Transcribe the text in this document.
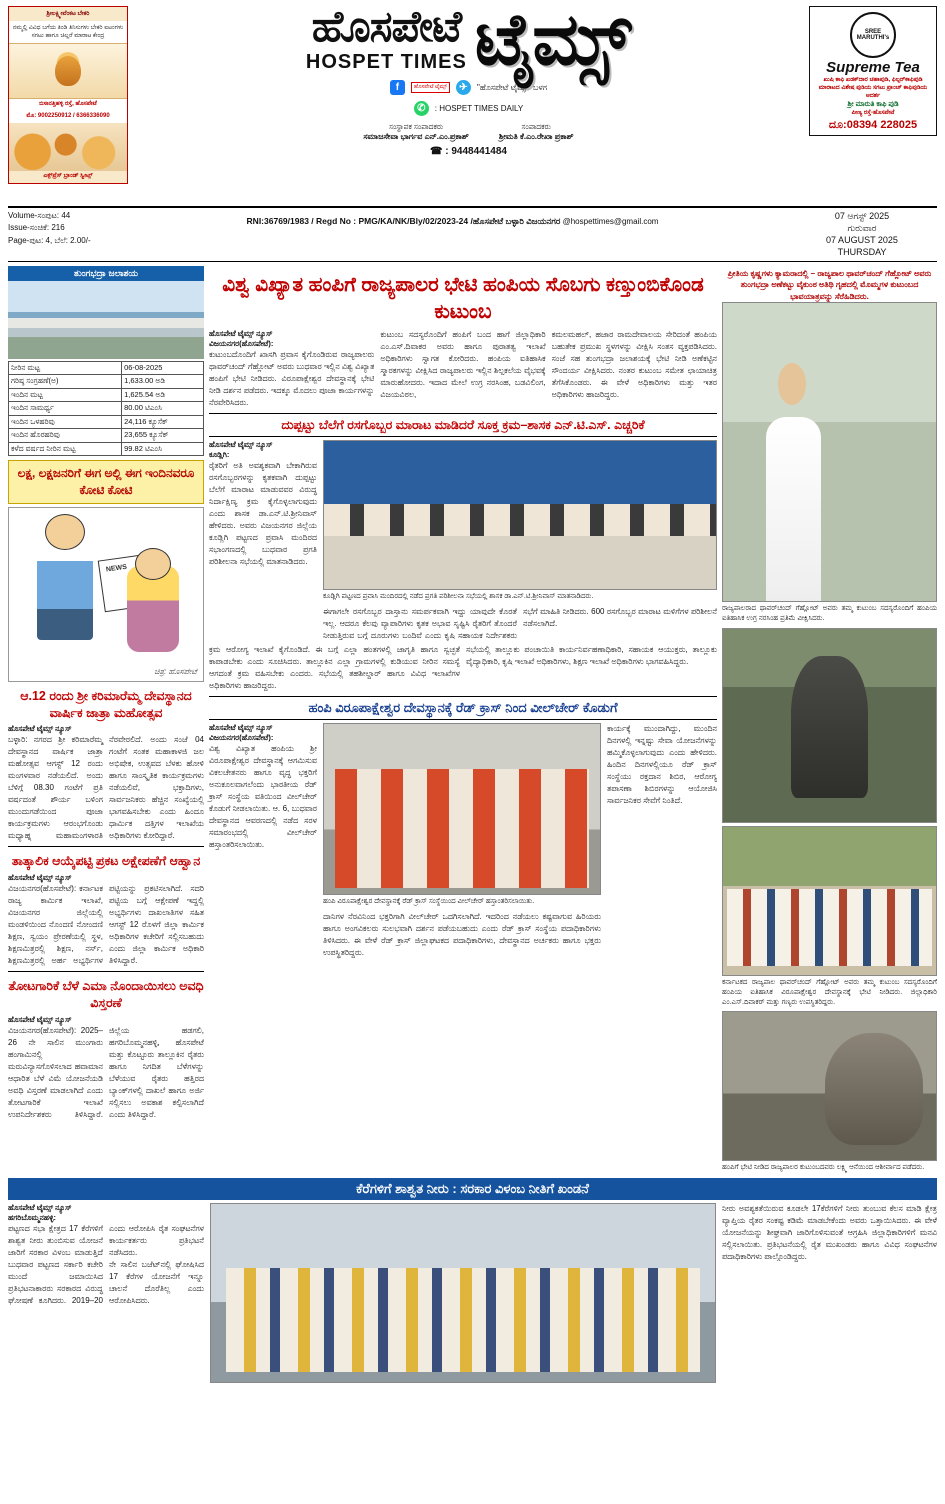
ಶ್ರೀಲಕ್ಷ್ಮೀವೆಂಕಟ ಬೇಕರಿ
ನಮ್ಮಲ್ಲಿ ವಿವಿಧ ಬಗೆಯ ತಿಂಡಿ ತಿನಿಸುಗಳು ಬೇಕರಿ ಐಟಂಗಳು ಸಗಟು ಹಾಗೂ ಚಿಲ್ಲರೆ ಮಾರಾಟ ಕೇಂದ್ರ
ಬಿಸಾನತ್ತಿಹಳ್ಳಿ ರಸ್ತೆ, ಹೊಸಪೇಟೆ
ಮೊ: 9002250912 / 6366336090
ಎಕ್ಸ್‌ಪ್ರೆಸ್ ಬ್ರಾಂಡ್ ಸ್ವೀಟ್ಸ್
ಹೊಸಪೇಟೆ
HOSPET TIMES ಟೈಮ್ಸ್
f	ಹೊಸಪೇಟೆ ಟೈಮ್ಸ್	✈	"ಹೊಸಪೇಟೆ ಟೈಮ್ಸ್" ಬಳಗ
✆	: HOSPET TIMES DAILY
ಸಂಸ್ಥಾಪಕ ಸಂಪಾದಕರು
ಸಮಾಜಸೇವಾ ಭಾರ್ಗವ ಎನ್.ಎಂ.ಪ್ರಕಾಶ್
ಸಂಪಾದಕರು
ಶ್ರೀಮತಿ ಕೆ.ಎಂ.ರೇಖಾ ಪ್ರಕಾಶ್
☎ : 9448441484
SREE MARUTHI's
Supreme Tea
ಖುಷಿ ಕಾಫಿ ಖಡಕ್‌ದಾರ ಚಹಾಪುಡಿ, ಫಿಲ್ಟರ್‌ಕಾಫಿಪುಡಿ ಮಾರಾಟದ ವಿಶೇಷ ಪುಡಿಯ ಸಗಟು ಪ್ರಾಂಚ್ ಕಾಫಿಪುಡಿಯ ಆದರ್ಶ
ಶ್ರೀ ಮಾರುತಿ ಕಾಫಿ ಪುಡಿ
ಪೀಣ್ಯ ರಸ್ತೆ-ಹೊಸಪೇಟೆ
ದೂ:08394 228025
Volume-ಸಂಪುಟ: 44
Issue-ಸಂಚಿಕೆ: 216
Page-ಪುಟ: 4, ಬೆಲೆ: 2.00/-
RNI:36769/1983 / Regd No : PMG/KA/NK/Bly/02/2023-24 /ಹೊಸಪೇಟೆ ಬಳ್ಳಾರಿ ವಿಜಯನಗರ @hospettimes@gmail.com
07 ಆಗಸ್ಟ್ 2025
ಗುರುವಾರ
07 AUGUST 2025
THURSDAY
ತುಂಗಭದ್ರಾ ಜಲಾಶಯ
ನೀರಿನ ಮಟ್ಟ	06-08-2025
ಗರಿಷ್ಠ ಸಂಗ್ರಹಣೆ(ಅ)	1,633.00 ಅಡಿ
ಇಂದಿನ ಮಟ್ಟ	1,625.54 ಅಡಿ
ಇಂದಿನ ಸಾಮರ್ಥ್ಯ	80.00 ಟಿಎಂಸಿ
ಇಂದಿನ ಒಳಹರಿವು	24,116 ಕ್ಯೂಸೆಕ್
ಇಂದಿನ ಹೊರಹರಿವು	23,655 ಕ್ಯೂಸೆಕ್
ಕಳೆದ ವರ್ಷದ ನೀರಿನ ಮಟ್ಟ	99.82 ಟಿಎಂಸಿ
ಲಕ್ಷ, ಲಕ್ಷಜನರಿಗೆ ಈಗ ಅಲ್ಲಿ ಈಗ ಇಂದಿನವರೂ ಕೋಟಿ ಕೋಟಿ
NEWS
ಚಿತ್ರ: ಹೊಸಪೇಟೆ
ಆ.12 ರಂದು ಶ್ರೀ ಕರಿಮಾರೆಮ್ಮ ದೇವಸ್ಥಾನದ ವಾರ್ಷಿಕ ಜಾತ್ರಾ ಮಹೋತ್ಸವ
ಹೊಸಪೇಟೆ ಟೈಮ್ಸ್ ನ್ಯೂಸ್
ಬಳ್ಳಾರಿ: ನಗರದ ಶ್ರೀ ಕರಿಮಾರೆಮ್ಮ ದೇವಸ್ಥಾನದ ವಾರ್ಷಿಕ ಜಾತ್ರಾ ಮಹೋತ್ಸವ ಆಗಸ್ಟ್ 12 ರಂದು ಮಂಗಳವಾರ ನಡೆಯಲಿದೆ. ಅಂದು ಬೆಳಿಗ್ಗೆ 08.30 ಗಂಟೆಗೆ ಪ್ರತಿ ವರ್ಷದಂತೆ ಶೌರ್ಯ ಬಳಿಂಗ ಮುಂದುಗಡೆಯಿಂದ ಪೂಜಾ ಕಾರ್ಯಕ್ರಮಗಳು ಆರಂಭಗೊಂಡು ಮಧ್ಯಾಹ್ನ ಮಹಾಮಂಗಳಾರತಿ ನೆರವೇರಲಿದೆ. ಅಂದು ಸಂಜೆ 04 ಗಂಟೆಗೆ ಸಂತಕ ಮಹಾಕಾಳಜಿ ಜಲ ಅಭಿಷೇಕ, ಉತ್ಸವದ ಬೆಳಕು ಹೋಳಿ ಹಾಗೂ ಸಾಂಸ್ಕೃತಿಕ ಕಾರ್ಯಕ್ರಮಗಳು ನಡೆಯಲಿವೆ, ಭಕ್ತಾದಿಗಳು, ಸಾರ್ವಜನಿಕರು ಹೆಚ್ಚಿನ ಸಂಖ್ಯೆಯಲ್ಲಿ ಭಾಗವಹಿಸಬೇಕು ಎಂದು ಹಿಂದೂ ಧಾರ್ಮಿಕ ದತ್ತಿಗಳ ಇಲಾಖೆಯ ಅಧಿಕಾರಿಗಳು ಕೋರಿದ್ದಾರೆ.
ತಾತ್ಕಾಲಿಕ ಆಯ್ಕೆಪಟ್ಟಿ ಪ್ರಕಟ ಅಕ್ಷೇಪಣೆಗೆ ಆಹ್ವಾನ
ಹೊಸಪೇಟೆ ಟೈಮ್ಸ್ ನ್ಯೂಸ್
ವಿಜಯನಗರ(ಹೊಸಪೇಟೆ): ಕರ್ನಾಟಕ ರಾಜ್ಯ ಕಾರ್ಮಿಕ ಇಲಾಖೆ, ವಿಜಯನಗರ ಜಿಲ್ಲೆಯಲ್ಲಿ ಮಂಡಳಿಯಿಂದ ನೊಂದಣಿ ನೋಂದಣಿ ಶಿಕ್ಷಣ, ಸ್ವಯಂ ಪ್ರೇರಣೆಯಲ್ಲಿ ಸ್ಥಳ, ಶಿಕ್ಷಣಮಿತ್ರರಲ್ಲಿ ಶಿಕ್ಷಣ, ನರ್ಸ್, ಶಿಕ್ಷಣಮಿತ್ರರಲ್ಲಿ ಅರ್ಹ ಅಭ್ಯರ್ಥಿಗಳ ಪಟ್ಟಿಯನ್ನು ಪ್ರಕಟಿಸಲಾಗಿದೆ. ಸದರಿ ಪಟ್ಟಿಯ ಬಗ್ಗೆ ಆಕ್ಷೇಪಣೆ ಇದ್ದಲ್ಲಿ ಅಭ್ಯರ್ಥಿಗಳು ದಾಖಲಾತಿಗಳ ಸಹಿತ ಆಗಸ್ಟ್ 12 ರೊಳಗೆ ಜಿಲ್ಲಾ ಕಾರ್ಮಿಕ ಅಧಿಕಾರಿಗಳ ಕಚೇರಿಗೆ ಸಲ್ಲಿಸಬಹುದು ಎಂದು ಜಿಲ್ಲಾ ಕಾರ್ಮಿಕ ಅಧಿಕಾರಿ ತಿಳಿಸಿದ್ದಾರೆ.
ತೋಟಗಾರಿಕೆ ಬೆಳೆ ಎಮಾ ನೊಂದಾಯಿಸಲು ಅವಧಿ ವಿಸ್ತರಣೆ
ಹೊಸಪೇಟೆ ಟೈಮ್ಸ್ ನ್ಯೂಸ್
ವಿಜಯನಗರ(ಹೊಸಪೇಟೆ): 2025–26 ನೇ ಸಾಲಿನ ಮುಂಗಾರು ಹಂಗಾಮಿನಲ್ಲಿ ಮರುವಿನ್ಯಾಸಗೊಳಿಸಲಾದ ಹವಾಮಾನ ಆಧಾರಿತ ಬೆಳೆ ವಿಮೆ ಯೋಜನೆಯಡಿ ಅವಧಿ ವಿಸ್ತರಣೆ ಮಾಡಲಾಗಿದೆ ಎಂದು ತೋಟಗಾರಿಕೆ ಇಲಾಖೆ ಉಪನಿರ್ದೇಶಕರು ತಿಳಿಸಿದ್ದಾರೆ. ಜಿಲ್ಲೆಯ ಹಡಗಲಿ, ಹಗರಿಬೊಮ್ಮನಹಳ್ಳಿ, ಹೊಸಪೇಟೆ ಮತ್ತು ಕೊಟ್ಟೂರು ತಾಲ್ಲೂಕಿನ ರೈತರು ಹಾಗೂ ನಿಗದಿತ ಬೆಳೆಗಳನ್ನು ಬೆಳೆಯುವ ರೈತರು ಹತ್ತಿರದ ಬ್ಯಾಂಕ್‌ಗಳಲ್ಲಿ ದಾಖಲೆ ಹಾಗೂ ಅರ್ಜಿ ಸಲ್ಲಿಸಲು ಅವಕಾಶ ಕಲ್ಪಿಸಲಾಗಿದೆ ಎಂದು ತಿಳಿಸಿದ್ದಾರೆ.
ವಿಶ್ವ ವಿಖ್ಯಾತ ಹಂಪಿಗೆ ರಾಜ್ಯಪಾಲರ ಭೇಟಿ ಹಂಪಿಯ ಸೊಬಗು ಕಣ್ತುಂಬಿಕೊಂಡ ಕುಟುಂಬ
ಹೊಸಪೇಟೆ ಟೈಮ್ಸ್ ನ್ಯೂಸ್
ವಿಜಯನಗರ(ಹೊಸಪೇಟೆ):
ಕುಟುಂಬದೊಂದಿಗೆ ಖಾಸಗಿ ಪ್ರವಾಸ ಕೈಗೊಂಡಿರುವ ರಾಜ್ಯಪಾಲರು ಥಾವರ್‌ಚಂದ್ ಗೆಹ್ಲೋಟ್ ಅವರು ಬುಧವಾರ ಇಲ್ಲಿನ ವಿಶ್ವ ವಿಖ್ಯಾತ ಹಂಪಿಗೆ ಭೇಟಿ ನೀಡಿದರು. ವಿರೂಪಾಕ್ಷೇಶ್ವರ ದೇವಸ್ಥಾನಕ್ಕೆ ಭೇಟಿ ನೀಡಿ ದರ್ಶನ ಪಡೆದರು. ಇದಕ್ಕೂ ಮೊದಲು ಪೂಜಾ ಕಾರ್ಯಗಳನ್ನು ನೆರವೇರಿಸಿದರು.
ಕುಟುಂಬ ಸದಸ್ಯರೊಂದಿಗೆ ಹಂಪಿಗೆ ಬಂದ ಹಾಗೆ ಜಿಲ್ಲಾಧಿಕಾರಿ ಎಂ.ಎಸ್.ದಿವಾಕರ ಅವರು ಹಾಗೂ ಪುರಾತತ್ವ ಇಲಾಖೆ ಅಧಿಕಾರಿಗಳು ಸ್ವಾಗತ ಕೋರಿದರು. ಹಂಪಿಯ ಐತಿಹಾಸಿಕ ಸ್ಮಾರಕಗಳನ್ನು ವೀಕ್ಷಿಸಿದ ರಾಜ್ಯಪಾಲರು ಇಲ್ಲಿನ ಶಿಲ್ಪಕಲೆಯ ವೈಭವಕ್ಕೆ ಮಾರುಹೋದರು. ಇದಾದ ಮೇಲೆ ಉಗ್ರ ನರಸಿಂಹ, ಬಡವಿಲಿಂಗ, ವಿಜಯವಿಠಲ,
ಕಮಲಮಹಲ್, ಹಜಾರ ರಾಮದೇವಾಲಯ ಸೇರಿದಂತೆ ಹಂಪಿಯ ಬಹುತೇಕ ಪ್ರಮುಖ ಸ್ಥಳಗಳನ್ನು ವೀಕ್ಷಿಸಿ ಸಂತಸ ವ್ಯಕ್ತಪಡಿಸಿದರು. ಸಂಜೆ ಸಹ ತುಂಗಭದ್ರಾ ಜಲಾಶಯಕ್ಕೆ ಭೇಟಿ ನೀಡಿ ಅಣೆಕಟ್ಟಿನ ಸೌಂದರ್ಯ ವೀಕ್ಷಿಸಿದರು. ನಂತರ ಕುಟುಂಬ ಸಮೇತ ಛಾಯಾಚಿತ್ರ ತೆಗೆಸಿಕೊಂಡರು. ಈ ವೇಳೆ ಅಧಿಕಾರಿಗಳು ಮತ್ತು ಇತರ ಅಧಿಕಾರಿಗಳು ಹಾಜರಿದ್ದರು.
ದುಪ್ಪಟ್ಟು ಬೆಲೆಗೆ ರಸಗೊಬ್ಬರ ಮಾರಾಟ ಮಾಡಿದರೆ ಸೂಕ್ತ ಕ್ರಮ–ಶಾಸಕ ಎನ್.ಟಿ.ಎಸ್. ಎಚ್ಚರಿಕೆ
ಹೊಸಪೇಟೆ ಟೈಮ್ಸ್ ನ್ಯೂಸ್
ಕೂಡ್ಲಿಗಿ:
ರೈತರಿಗೆ ಅತಿ ಅವಶ್ಯಕವಾಗಿ ಬೇಕಾಗಿರುವ ರಸಗೊಬ್ಬರಗಳನ್ನು ಕೃತಕವಾಗಿ ದುಪ್ಪಟ್ಟು ಬೆಲೆಗೆ ಮಾರಾಟ ಮಾಡುವವರ ವಿರುದ್ಧ ನಿರ್ದಾಕ್ಷಿಣ್ಯ ಕ್ರಮ ಕೈಗೊಳ್ಳಲಾಗುವುದು ಎಂದು ಶಾಸಕ ಡಾ.ಎನ್.ಟಿ.ಶ್ರೀನಿವಾಸ್ ಹೇಳಿದರು. ಅವರು ವಿಜಯನಗರ ಜಿಲ್ಲೆಯ ಕೂಡ್ಲಿಗಿ ಪಟ್ಟಣದ ಪ್ರವಾಸಿ ಮಂದಿರದ ಸಭಾಂಗಣದಲ್ಲಿ ಬುಧವಾರ ಪ್ರಗತಿ ಪರಿಶೀಲನಾ ಸಭೆಯಲ್ಲಿ ಮಾತನಾಡಿದರು.
ಕೂಡ್ಲಿಗಿ ಪಟ್ಟಣದ ಪ್ರವಾಸಿ ಮಂದಿರದಲ್ಲಿ ನಡೆದ ಪ್ರಗತಿ ಪರಿಶೀಲನಾ ಸಭೆಯಲ್ಲಿ ಶಾಸಕ ಡಾ.ಎನ್.ಟಿ.ಶ್ರೀನಿವಾಸ್ ಮಾತನಾಡಿದರು.
ಈಗಾಗಲೇ ರಸಗೊಬ್ಬರ ದಾಸ್ತಾನು ಸಮರ್ಪಕವಾಗಿ ಇದ್ದು ಯಾವುದೇ ಕೊರತೆ ಇಲ್ಲ. ಆದರೂ ಕೆಲವು ವ್ಯಾಪಾರಿಗಳು ಕೃತಕ ಅಭಾವ ಸೃಷ್ಟಿಸಿ ರೈತರಿಗೆ ತೊಂದರೆ ನೀಡುತ್ತಿರುವ ಬಗ್ಗೆ ದೂರುಗಳು ಬಂದಿವೆ ಎಂದು ಕೃಷಿ ಸಹಾಯಕ ನಿರ್ದೇಶಕರು ಸಭೆಗೆ ಮಾಹಿತಿ ನೀಡಿದರು. 600 ರಸಗೊಬ್ಬರ ಮಾರಾಟ ಮಳಿಗೆಗಳ ಪರಿಶೀಲನೆ ನಡೆಸಲಾಗಿದೆ.
ಕ್ರಮ ಆರೋಗ್ಯ ಇಲಾಖೆ ಕೈಗೊಂಡಿದೆ. ಈ ಬಗ್ಗೆ ಎಲ್ಲಾ ಹಂತಗಳಲ್ಲಿ ಜಾಗೃತಿ ಹಾಗೂ ಸ್ವಚ್ಛತೆ ಕಾಪಾಡಬೇಕು ಎಂದು ಸೂಚಿಸಿದರು. ತಾಲ್ಲೂಕಿನ ಎಲ್ಲಾ ಗ್ರಾಮಗಳಲ್ಲಿ ಕುಡಿಯುವ ನೀರಿನ ಸಮಸ್ಯೆ ಆಗದಂತೆ ಕ್ರಮ ವಹಿಸಬೇಕು ಎಂದರು. ಸಭೆಯಲ್ಲಿ ತಹಶೀಲ್ದಾರ್ ಹಾಗೂ ವಿವಿಧ ಇಲಾಖೆಗಳ ಅಧಿಕಾರಿಗಳು ಹಾಜರಿದ್ದರು.
ಸಭೆಯಲ್ಲಿ ತಾಲ್ಲೂಕು ಪಂಚಾಯಿತಿ ಕಾರ್ಯನಿರ್ವಹಣಾಧಿಕಾರಿ, ಸಹಾಯಕ ಆಯುಕ್ತರು, ತಾಲ್ಲೂಕು ವೈದ್ಯಾಧಿಕಾರಿ, ಕೃಷಿ ಇಲಾಖೆ ಅಧಿಕಾರಿಗಳು, ಶಿಕ್ಷಣ ಇಲಾಖೆ ಅಧಿಕಾರಿಗಳು ಭಾಗವಹಿಸಿದ್ದರು.
ಹಂಪಿ ವಿರೂಪಾಕ್ಷೇಶ್ವರ ದೇವಸ್ಥಾನಕ್ಕೆ ರೆಡ್ ಕ್ರಾಸ್ ನಿಂದ ವೀಲ್‌ಚೇರ್ ಕೊಡುಗೆ
ಹೊಸಪೇಟೆ ಟೈಮ್ಸ್ ನ್ಯೂಸ್
ವಿಜಯನಗರ(ಹೊಸಪೇಟೆ):
ವಿಶ್ವ ವಿಖ್ಯಾತ ಹಂಪಿಯ ಶ್ರೀ ವಿರೂಪಾಕ್ಷೇಶ್ವರ ದೇವಸ್ಥಾನಕ್ಕೆ ಆಗಮಿಸುವ ವಿಕಲಚೇತನರು ಹಾಗೂ ವೃದ್ಧ ಭಕ್ತರಿಗೆ ಅನುಕೂಲವಾಗಲೆಂದು ಭಾರತೀಯ ರೆಡ್ ಕ್ರಾಸ್ ಸಂಸ್ಥೆಯ ವತಿಯಿಂದ ವೀಲ್‌ಚೇರ್ ಕೊಡುಗೆ ನೀಡಲಾಯಿತು. ಆ. 6, ಬುಧವಾರ ದೇವಸ್ಥಾನದ ಆವರಣದಲ್ಲಿ ನಡೆದ ಸರಳ ಸಮಾರಂಭದಲ್ಲಿ ವೀಲ್‌ಚೇರ್ ಹಸ್ತಾಂತರಿಸಲಾಯಿತು.
ಹಂಪಿ ವಿರೂಪಾಕ್ಷೇಶ್ವರ ದೇವಸ್ಥಾನಕ್ಕೆ ರೆಡ್ ಕ್ರಾಸ್ ಸಂಸ್ಥೆಯಿಂದ ವೀಲ್‌ಚೇರ್ ಹಸ್ತಾಂತರಿಸಲಾಯಿತು.
ದಾನಿಗಳ ನೆರವಿನಿಂದ ಭಕ್ತರಿಗಾಗಿ ವೀಲ್‌ಚೇರ್ ಒದಗಿಸಲಾಗಿದೆ. ಇದರಿಂದ ನಡೆಯಲು ಕಷ್ಟವಾಗುವ ಹಿರಿಯರು ಹಾಗೂ ಅಂಗವಿಕಲರು ಸುಲಭವಾಗಿ ದರ್ಶನ ಪಡೆಯಬಹುದು ಎಂದು ರೆಡ್ ಕ್ರಾಸ್ ಸಂಸ್ಥೆಯ ಪದಾಧಿಕಾರಿಗಳು ತಿಳಿಸಿದರು. ಈ ವೇಳೆ ರೆಡ್ ಕ್ರಾಸ್ ಜಿಲ್ಲಾಘಟಕದ ಪದಾಧಿಕಾರಿಗಳು, ದೇವಸ್ಥಾನದ ಅರ್ಚಕರು ಹಾಗೂ ಭಕ್ತರು ಉಪಸ್ಥಿತರಿದ್ದರು.
ಕಾರ್ಯಕ್ಕೆ ಮುಂದಾಗಿದ್ದು, ಮುಂದಿನ ದಿನಗಳಲ್ಲಿ ಇನ್ನಷ್ಟು ಸೇವಾ ಯೋಜನೆಗಳನ್ನು ಹಮ್ಮಿಕೊಳ್ಳಲಾಗುವುದು ಎಂದು ಹೇಳಿದರು. ಹಿಂದಿನ ದಿನಗಳಲ್ಲಿಯೂ ರೆಡ್ ಕ್ರಾಸ್ ಸಂಸ್ಥೆಯು ರಕ್ತದಾನ ಶಿಬಿರ, ಆರೋಗ್ಯ ತಪಾಸಣಾ ಶಿಬಿರಗಳನ್ನು ಆಯೋಜಿಸಿ ಸಾರ್ವಜನಿಕರ ಸೇವೆಗೆ ನಿಂತಿದೆ.
ಪ್ರೀತಿಯ ಕೃಷ್ಣಗಳು ಕ್ಯಾಮರಾದಲ್ಲಿ – ರಾಜ್ಯಪಾಲ ಥಾವರ್‌ಚಂದ್ ಗೆಹ್ಲೋಟ್ ಅವರು ತುಂಗಭದ್ರಾ ಅಣೆಕಟ್ಟು ವೈಕುಂಠ ಅತಿಥಿ ಗೃಹದಲ್ಲಿ ಮೊಮ್ಮಗಳ ಕುಟುಂಬದ ಭಾವಯಾತ್ರವನ್ನು ಸೆರೆಹಿಡಿದರು.
ರಾಜ್ಯಪಾಲರಾದ ಥಾವರ್‌ಚಂದ್ ಗೆಹ್ಲೋಟ್ ಅವರು ತಮ್ಮ ಕುಟುಂಬ ಸದಸ್ಯರೊಂದಿಗೆ ಹಂಪಿಯ ಐತಿಹಾಸಿಕ ಉಗ್ರ ನರಸಿಂಹ ಪ್ರತಿಮೆ ವೀಕ್ಷಿಸಿದರು.
ಕರ್ನಾಟಕದ ರಾಜ್ಯಪಾಲ ಥಾವರ್‌ಚಂದ್ ಗೆಹ್ಲೋಟ್ ಅವರು ತಮ್ಮ ಕುಟುಂಬ ಸದಸ್ಯರೊಂದಿಗೆ ಹಂಪಿಯ ಐತಿಹಾಸಿಕ ವಿರೂಪಾಕ್ಷೇಶ್ವರ ದೇವಸ್ಥಾನಕ್ಕೆ ಭೇಟಿ ನೀಡಿದರು. ಜಿಲ್ಲಾಧಿಕಾರಿ ಎಂ.ಎಸ್.ದಿವಾಕರ್ ಮತ್ತು ಗಣ್ಯರು ಉಪಸ್ಥಿತರಿದ್ದರು.
ಹಂಪಿಗೆ ಭೇಟಿ ನೀಡಿದ ರಾಜ್ಯಪಾಲರ ಕುಟುಂಬದವರು ಲಕ್ಷ್ಮಿ ಆನೆಯಿಂದ ಆಶೀರ್ವಾದ ಪಡೆದರು.
ಕೆರೆಗಳಿಗೆ ಶಾಶ್ವತ ನೀರು : ಸರಕಾರ ವಿಳಂಬ ನೀತಿಗೆ ಖಂಡನೆ
ಹೊಸಪೇಟೆ ಟೈಮ್ಸ್ ನ್ಯೂಸ್
ಹಗರಿಬೊಮ್ಮನಹಳ್ಳಿ:
ಪಟ್ಟಣದ ಸಭಾ ಕ್ಷೇತ್ರದ 17 ಕೆರೆಗಳಿಗೆ ಶಾಶ್ವತ ನೀರು ತುಂಬಿಸುವ ಯೋಜನೆ ಜಾರಿಗೆ ಸರಕಾರ ವಿಳಂಬ ಮಾಡುತ್ತಿದೆ ಎಂದು ಆರೋಪಿಸಿ ರೈತ ಸಂಘಟನೆಗಳ ಕಾರ್ಯಕರ್ತರು ಪ್ರತಿಭಟನೆ ನಡೆಸಿದರು.
ಬುಧವಾರ ಪಟ್ಟಣದ ಸರ್ಕಾರಿ ಕಚೇರಿ ಮುಂದೆ ಜಮಾಯಿಸಿದ ಪ್ರತಿಭಟನಾಕಾರರು ಸರಕಾರದ ವಿರುದ್ಧ ಘೋಷಣೆ ಕೂಗಿದರು. 2019–20 ನೇ ಸಾಲಿನ ಬಜೆಟ್‌ನಲ್ಲಿ ಘೋಷಿಸಿದ 17 ಕೆರೆಗಳ ಯೋಜನೆಗೆ ಇನ್ನೂ ಚಾಲನೆ ದೊರೆತಿಲ್ಲ ಎಂದು ಆರೋಪಿಸಿದರು.
ನೀರು ಅವಶ್ಯಕತೆಯಿರುವ ಕೂಡಲೇ 17ಕೆರೆಗಳಿಗೆ ನೀರು ತುಂಬುವ ಕೆಲಸ ಮಾಡಿ ಕ್ಷೇತ್ರ ವ್ಯಾಪ್ತಿಯ ರೈತರ ಸಂಕಷ್ಟ ಕಡಿಮೆ ಮಾಡಬೇಕೆಂದು ಅವರು ಒತ್ತಾಯಿಸಿದರು. ಈ ವೇಳೆ ಯೋಜನೆಯನ್ನು ಶೀಘ್ರವಾಗಿ ಜಾರಿಗೊಳಿಸುವಂತೆ ಆಗ್ರಹಿಸಿ ಜಿಲ್ಲಾಧಿಕಾರಿಗಳಿಗೆ ಮನವಿ ಸಲ್ಲಿಸಲಾಯಿತು. ಪ್ರತಿಭಟನೆಯಲ್ಲಿ ರೈತ ಮುಖಂಡರು ಹಾಗೂ ವಿವಿಧ ಸಂಘಟನೆಗಳ ಪದಾಧಿಕಾರಿಗಳು ಪಾಲ್ಗೊಂಡಿದ್ದರು.
